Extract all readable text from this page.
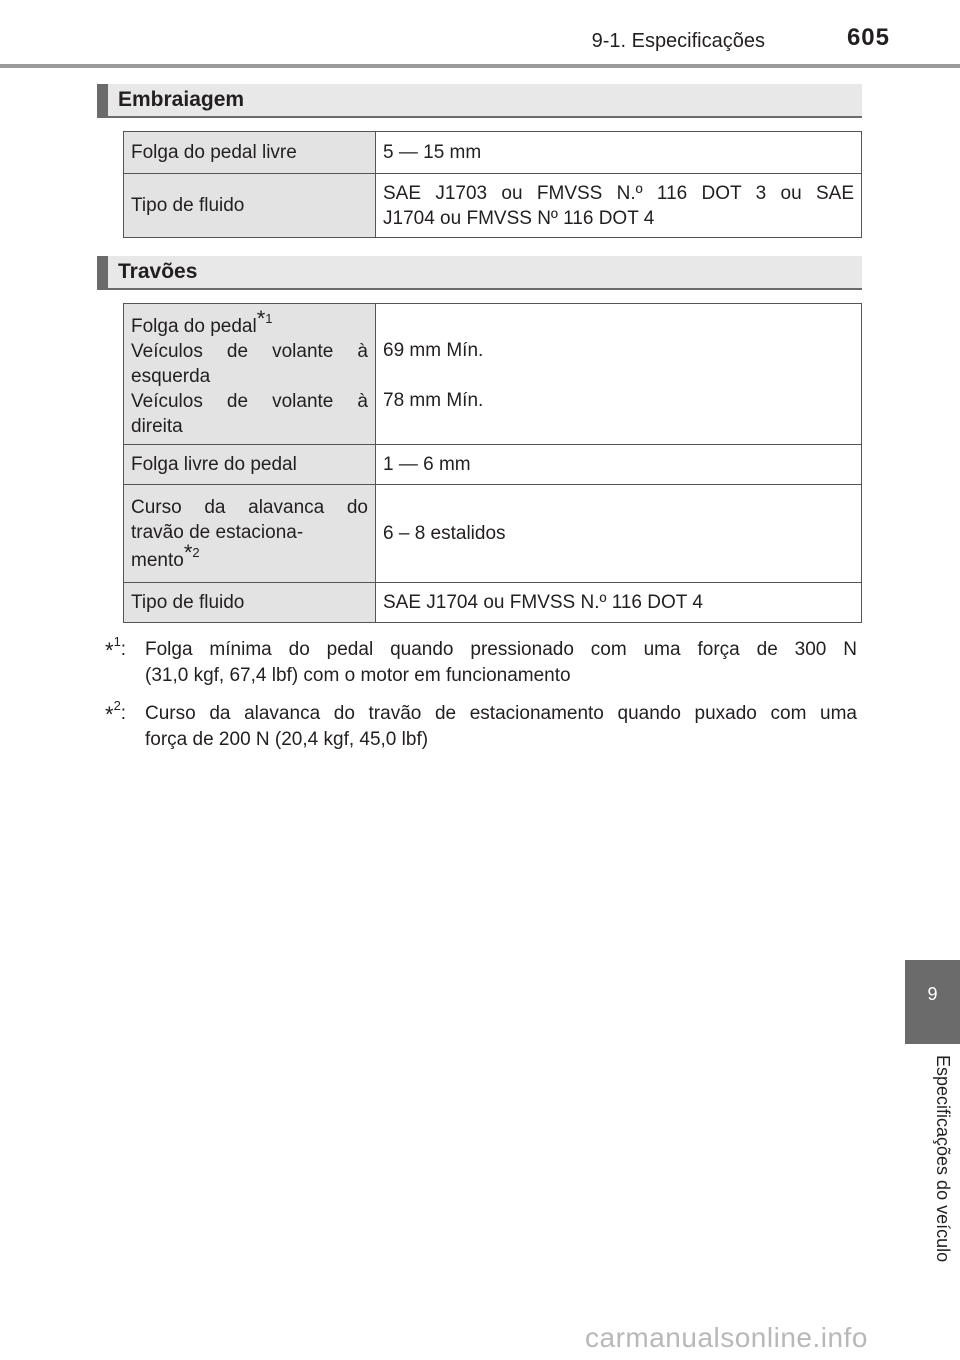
9-1. Especificações	605
Embraiagem
Folga do pedal livre	5 — 15 mm
Tipo de fluido	SAE J1703 ou FMVSS N.º 116 DOT 3 ou SAE
J1704 ou FMVSS Nº 116 DOT 4
Travões
Folga do pedal$^{*1}$
Veículos de volante à
esquerda
Veículos de volante à
direita	69 mm Mín.
78 mm Mín.

Folga livre do pedal	1 — 6 mm

Curso da alavanca do
travão de estaciona-
mento$^{*2}$	6 – 8 estalidos
Tipo de fluido	SAE J1704 ou FMVSS N.º 116 DOT 4
*$^1$: Folga mínima do pedal quando pressionado com uma força de 300 N
(31,0 kgf, 67,4 lbf) com o motor em funcionamento
*$^2$: Curso da alavanca do travão de estacionamento quando puxado com uma
força de 200 N (20,4 kgf, 45,0 lbf)
9
Especificações do veículo
carmanualsonline.info
